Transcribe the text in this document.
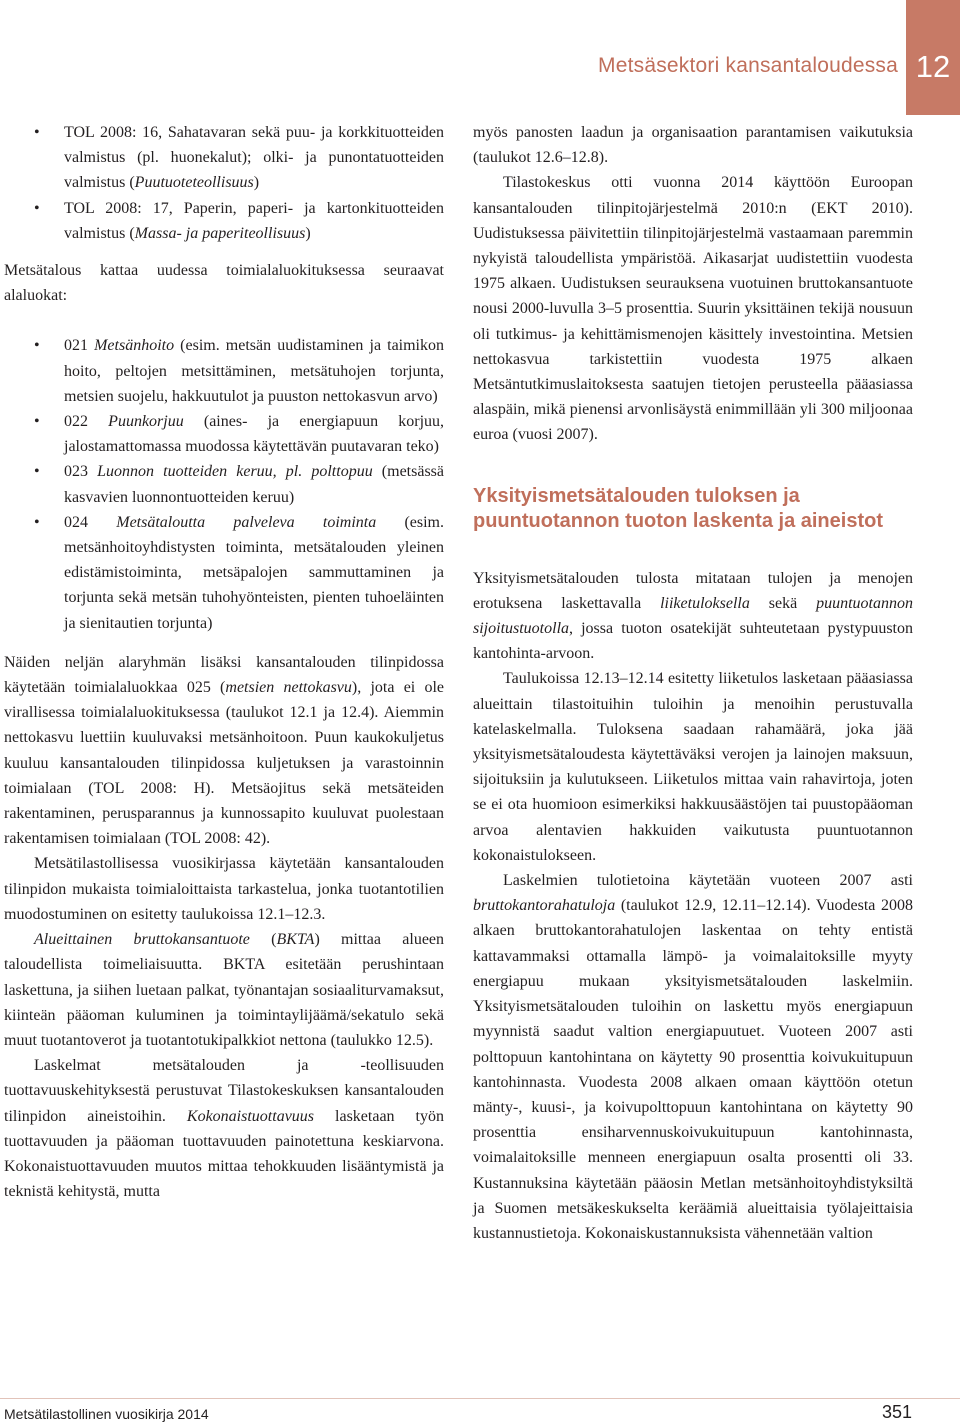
Metsäsektori kansantaloudessa 12
• TOL 2008: 16, Sahatavaran sekä puu- ja korkkituotteiden valmistus (pl. huonekalut); olki- ja punontatuotteiden valmistus (Puutuoteteollisuus)
• TOL 2008: 17, Paperin, paperi- ja kartonkituotteiden valmistus (Massa- ja paperiteollisuus)

Metsätalous kattaa uudessa toimialaluokituksessa seuraavat alaluokat:

• 021 Metsänhoito (esim. metsän uudistaminen ja taimikon hoito, peltojen metsittäminen, metsätuhojen torjunta, metsien suojelu, hakkuutulot ja puuston nettokasvun arvo)
• 022 Puunkorjuu (aines- ja energiapuun korjuu, jalostamattomassa muodossa käytettävän puutavaran teko)
• 023 Luonnon tuotteiden keruu, pl. polttopuu (metsässä kasvavien luonnontuotteiden keruu)
• 024 Metsätaloutta palveleva toiminta (esim. metsänhoitoyhdistysten toiminta, metsätalouden yleinen edistämistoiminta, metsäpalojen sammuttaminen ja torjunta sekä metsän tuhohyönteisten, pienten tuhoeläinten ja sienitautien torjunta)

Näiden neljän alaryhmän lisäksi kansantalouden tilinpidossa käytetään toimialaluokkaa 025 (metsien nettokasvu), jota ei ole virallisessa toimialaluokituksessa (taulukot 12.1 ja 12.4). Aiemmin nettokasvu luettiin kuuluvaksi metsänhoitoon. Puun kaukokuljetus kuuluu kansantalouden tilinpidossa kuljetuksen ja varastoinnin toimialaan (TOL 2008: H). Metsäojitus sekä metsäteiden rakentaminen, perusparannus ja kunnossapito kuuluvat puolestaan rakentamisen toimialaan (TOL 2008: 42).

Metsätilastollisessa vuosikirjassa käytetään kansantalouden tilinpidon mukaista toimialoittaista tarkastelua, jonka tuotantotilien muodostuminen on esitetty taulukoissa 12.1–12.3.

Alueittainen bruttokansantuote (BKTA) mittaa alueen taloudellista toimeliaisuutta. BKTA esitetään perushintaan laskettuna, ja siihen luetaan palkat, työnantajan sosiaaliturvamaksut, kiinteän pääoman kuluminen ja toimintaylijäämä/sekatulo sekä muut tuotantoverot ja tuotantotukipalkkiot nettona (taulukko 12.5).

Laskelmat metsätalouden ja -teollisuuden tuottavuuskehityksestä perustuvat Tilastokeskuksen kansantalouden tilinpidon aineistoihin. Kokonaistuottavuus lasketaan työn tuottavuuden ja pääoman tuottavuuden painotettuna keskiarvona. Kokonaistuottavuuden muutos mittaa tehokkuuden lisääntymistä ja teknistä kehitystä, mutta

myös panosten laadun ja organisaation parantamisen vaikutuksia (taulukot 12.6–12.8).

Tilastokeskus otti vuonna 2014 käyttöön Euroopan kansantalouden tilinpitojärjestelmä 2010:n (EKT 2010). Uudistuksessa päivitettiin tilinpitojärjestelmä vastaamaan paremmin nykyistä taloudellista ympäristöä. Aikasarjat uudistettiin vuodesta 1975 alkaen. Uudistuksen seurauksena vuotuinen bruttokansantuote nousi 2000-luvulla 3–5 prosenttia. Suurin yksittäinen tekijä nousuun oli tutkimus- ja kehittämismenojen käsittely investointina. Metsien nettokasvua tarkistettiin vuodesta 1975 alkaen Metsäntutkimuslaitoksesta saatujen tietojen perusteella pääasiassa alaspäin, mikä pienensi arvonlisäystä enimmillään yli 300 miljoonaa euroa (vuosi 2007).

Yksityismetsätalouden tuloksen ja puuntuotannon tuoton laskenta ja aineistot

Yksityismetsätalouden tulosta mitataan tulojen ja menojen erotuksena laskettavalla liiketuloksella sekä puuntuotannon sijoitustuotolla, jossa tuoton osatekijät suhteutetaan pystypuuston kantohinta-arvoon.

Taulukoissa 12.13–12.14 esitetty liiketulos lasketaan pääasiassa alueittain tilastoituihin tuloihin ja menoihin perustuvalla katelaskelmalla. Tuloksena saadaan rahamäärä, joka jää yksityismetsätaloudesta käytettäväksi verojen ja lainojen maksuun, sijoituksiin ja kulutukseen. Liiketulos mittaa vain rahavirtoja, joten se ei ota huomioon esimerkiksi hakkuusäästöjen tai puustopääoman arvoa alentavien hakkuiden vaikutusta puuntuotannon kokonaistulokseen.

Laskelmien tulotietoina käytetään vuoteen 2007 asti bruttokantorahatuloja (taulukot 12.9, 12.11–12.14). Vuodesta 2008 alkaen bruttokantorahatulojen laskentaa on tehty entistä kattavammaksi ottamalla lämpö- ja voimalaitoksille myyty energiapuu mukaan yksityismetsätalouden laskelmiin. Yksityismetsätalouden tuloihin on laskettu myös energiapuun myynnistä saadut valtion energiapuutuet. Vuoteen 2007 asti polttopuun kantohintana on käytetty 90 prosenttia koivukuitupuun kantohinnasta. Vuodesta 2008 alkaen omaan käyttöön otetun mänty-, kuusi-, ja koivupolttopuun kantohintana on käytetty 90 prosenttia ensiharvennuskoivukuitupuun kantohinnasta, voimalaitoksille menneen energiapuun osalta prosentti oli 33. Kustannuksina käytetään pääosin Metlan metsänhoitoyhdistyksiltä ja Suomen metsäkeskukselta keräämiä alueittaisia työlajeittaisia kustannustietoja. Kokonaiskustannuksista vähennetään valtion

Metsätilastollinen vuosikirja 2014	351
